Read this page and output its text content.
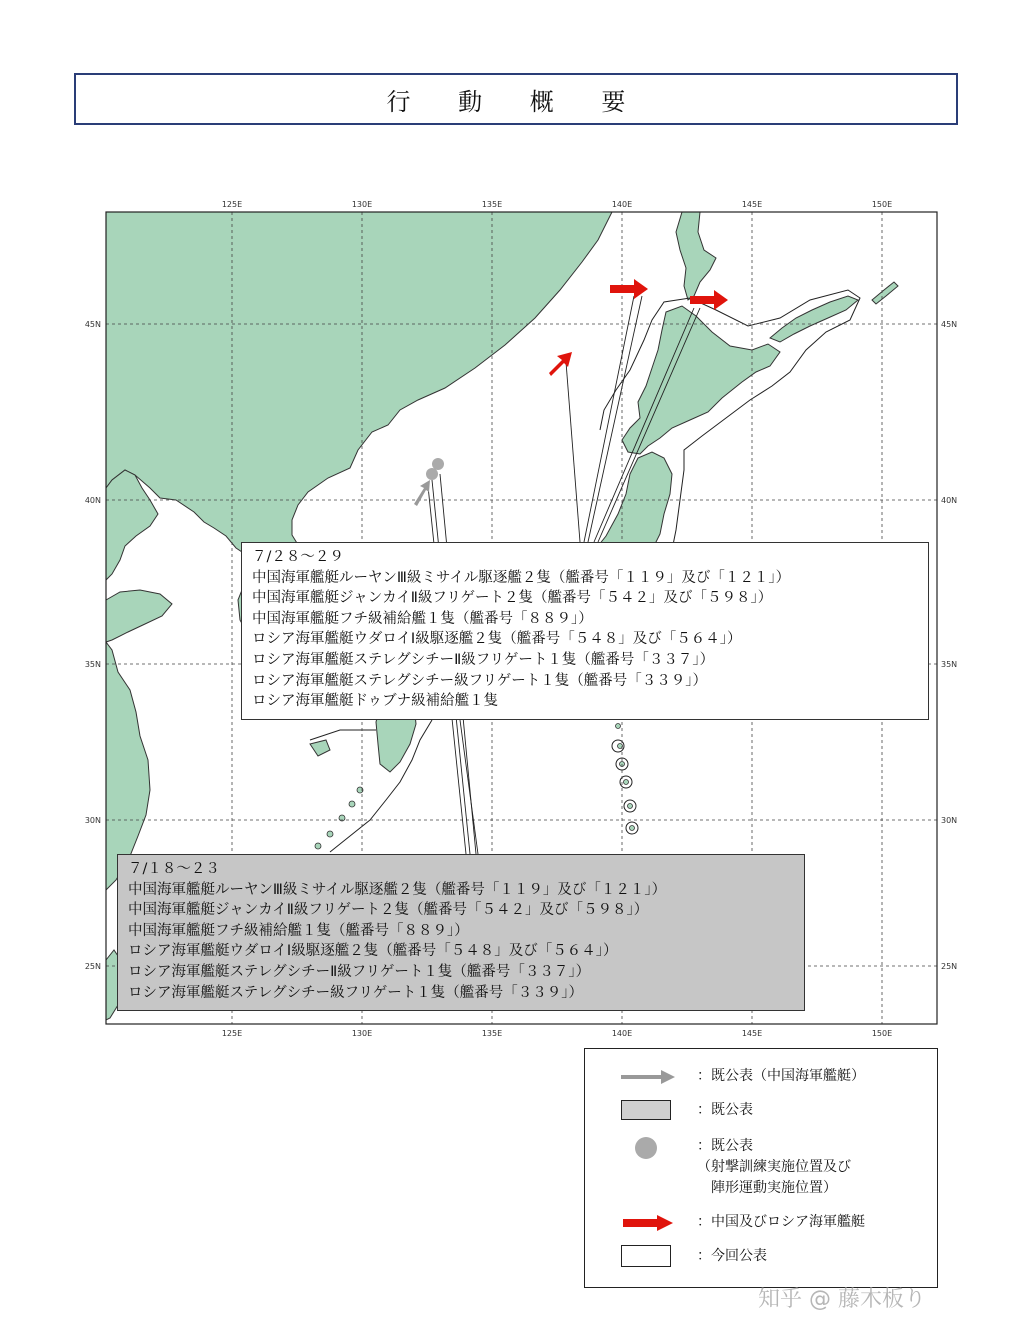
行 動 概 要
125E	130E	135E	140E	145E	150E
125E	130E	135E	140E	145E	150E
45N
40N
35N
30N
25N
45N
40N
35N
30N
25N
７/２８～２９
中国海軍艦艇ルーヤンⅢ級ミサイル駆逐艦２隻（艦番号「１１９」及び「１２１」）
中国海軍艦艇ジャンカイⅡ級フリゲート２隻（艦番号「５４２」及び「５９８」）
中国海軍艦艇フチ級補給艦１隻（艦番号「８８９」）
ロシア海軍艦艇ウダロイⅠ級駆逐艦２隻（艦番号「５４８」及び「５６４」）
ロシア海軍艦艇ステレグシチーⅡ級フリゲート１隻（艦番号「３３７」）
ロシア海軍艦艇ステレグシチー級フリゲート１隻（艦番号「３３９」）
ロシア海軍艦艇ドゥブナ級補給艦１隻
７/１８～２３
中国海軍艦艇ルーヤンⅢ級ミサイル駆逐艦２隻（艦番号「１１９」及び「１２１」）
中国海軍艦艇ジャンカイⅡ級フリゲート２隻（艦番号「５４２」及び「５９８」）
中国海軍艦艇フチ級補給艦１隻（艦番号「８８９」）
ロシア海軍艦艇ウダロイⅠ級駆逐艦２隻（艦番号「５４８」及び「５６４」）
ロシア海軍艦艇ステレグシチーⅡ級フリゲート１隻（艦番号「３３７」）
ロシア海軍艦艇ステレグシチー級フリゲート１隻（艦番号「３３９」）
：既公表（中国海軍艦艇）
：既公表
：既公表
（射撃訓練実施位置及び
　陣形運動実施位置）
：中国及びロシア海軍艦艇
：今回公表
知乎 @ 藤木板り
